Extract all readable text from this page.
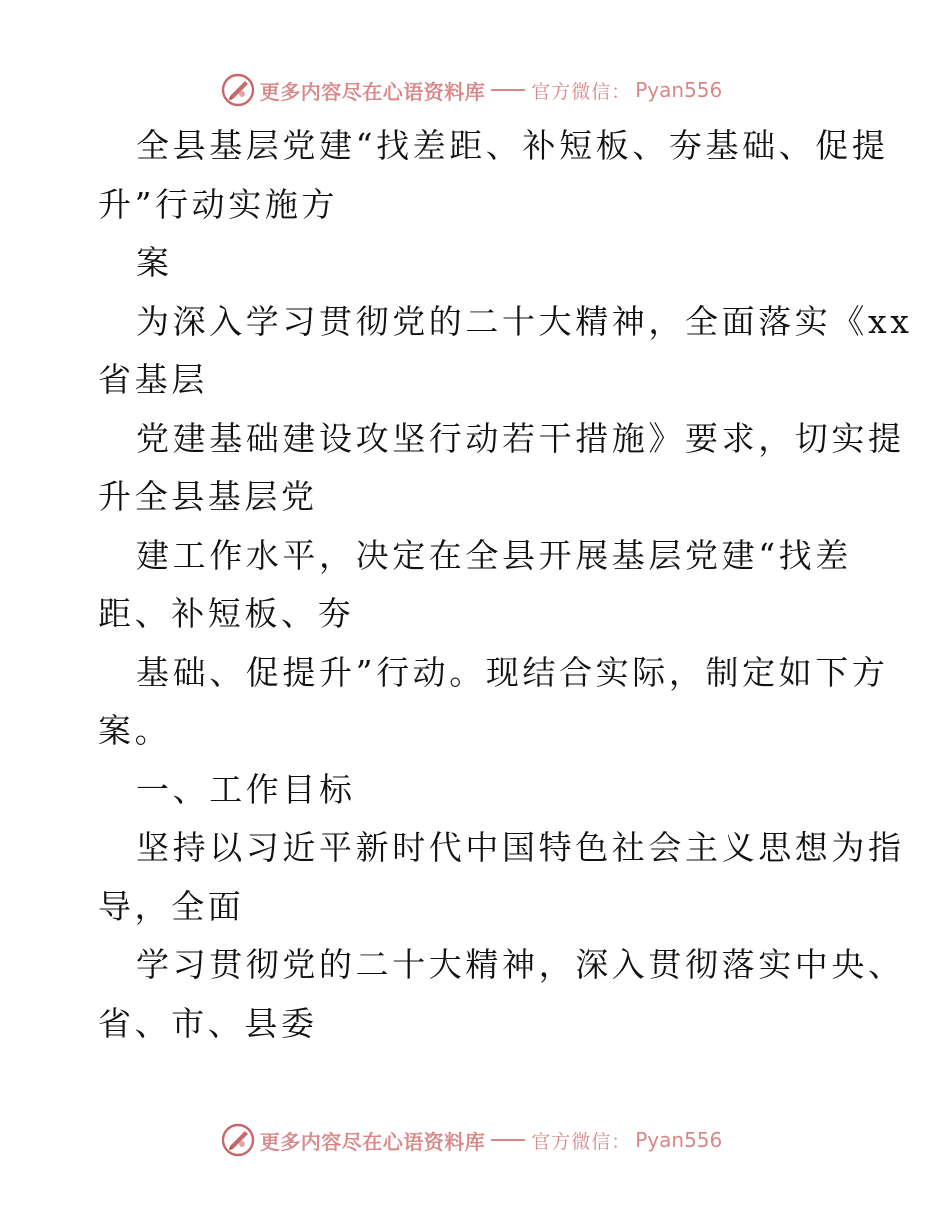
更多内容尽在心语资料库 官方微信： Pyan556
全县基层党建“找差距、补短板、夯基础、促提
升”行动实施方
案
为深入学习贯彻党的二十大精神，全面落实《xx
省基层
党建基础建设攻坚行动若干措施》要求，切实提
升全县基层党
建工作水平，决定在全县开展基层党建“找差
距、补短板、夯
基础、促提升”行动。现结合实际，制定如下方
案。
一、工作目标
坚持以习近平新时代中国特色社会主义思想为指
导，全面
学习贯彻党的二十大精神，深入贯彻落实中央、
省、市、县委
更多内容尽在心语资料库 官方微信： Pyan556
